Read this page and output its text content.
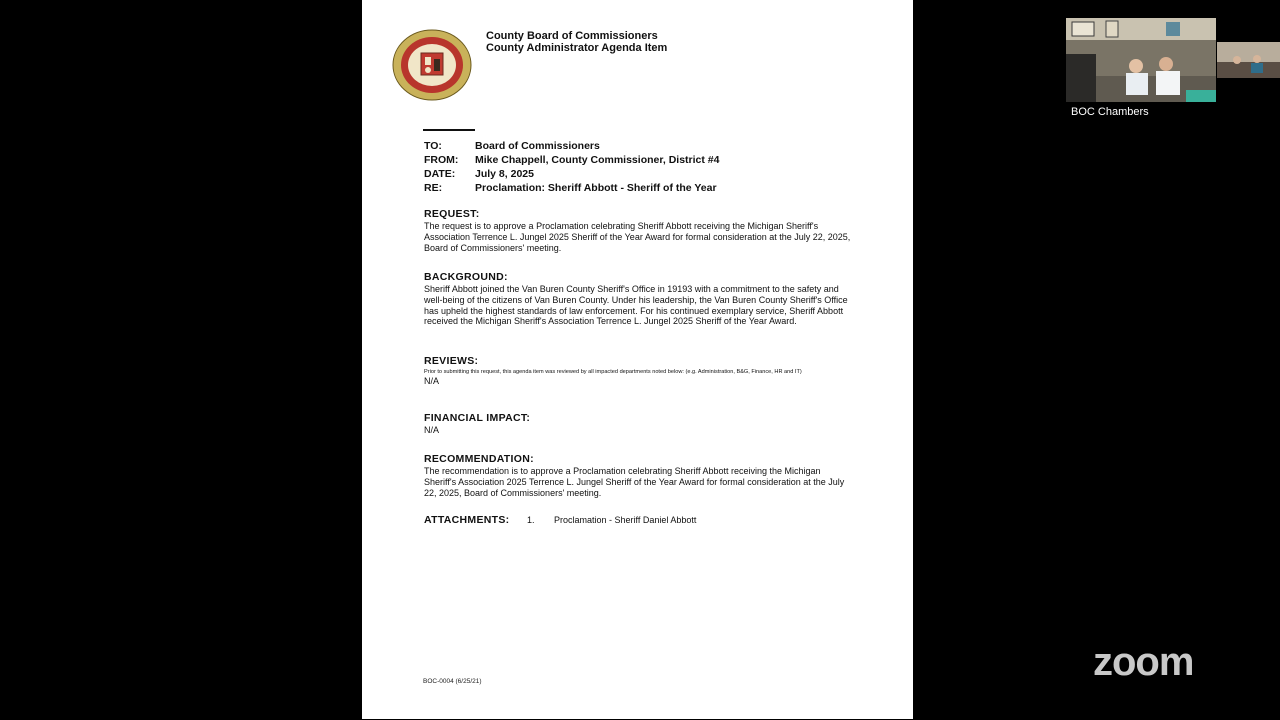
County Board of Commissioners
County Administrator Agenda Item
TO:	Board of Commissioners
FROM:	Mike Chappell, County Commissioner, District #4
DATE:	July 8, 2025
RE:	Proclamation: Sheriff Abbott - Sheriff of the Year
REQUEST:

The request is to approve a Proclamation celebrating Sheriff Abbott receiving the Michigan Sheriff's Association Terrence L. Jungel 2025 Sheriff of the Year Award for formal consideration at the July 22, 2025, Board of Commissioners' meeting.

BACKGROUND:

Sheriff Abbott joined the Van Buren County Sheriff's Office in 19193 with a commitment to the safety and well-being of the citizens of Van Buren County. Under his leadership, the Van Buren County Sheriff's Office has upheld the highest standards of law enforcement. For his continued exemplary service, Sheriff Abbott received the Michigan Sheriff's Association Terrence L. Jungel 2025 Sheriff of the Year Award.

REVIEWS:

Prior to submitting this request, this agenda item was reviewed by all impacted departments noted below: (e.g. Administration, B&G, Finance, HR and IT)

N/A

FINANCIAL IMPACT:

N/A

RECOMMENDATION:

The recommendation is to approve a Proclamation celebrating Sheriff Abbott receiving the Michigan Sheriff's Association 2025 Terrence L. Jungel Sheriff of the Year Award for formal consideration at the July 22, 2025, Board of Commissioners' meeting.

ATTACHMENTS:	1.	Proclamation - Sheriff Daniel Abbott
BOC-0004 (6/25/21)
BOC Chambers
zoom
